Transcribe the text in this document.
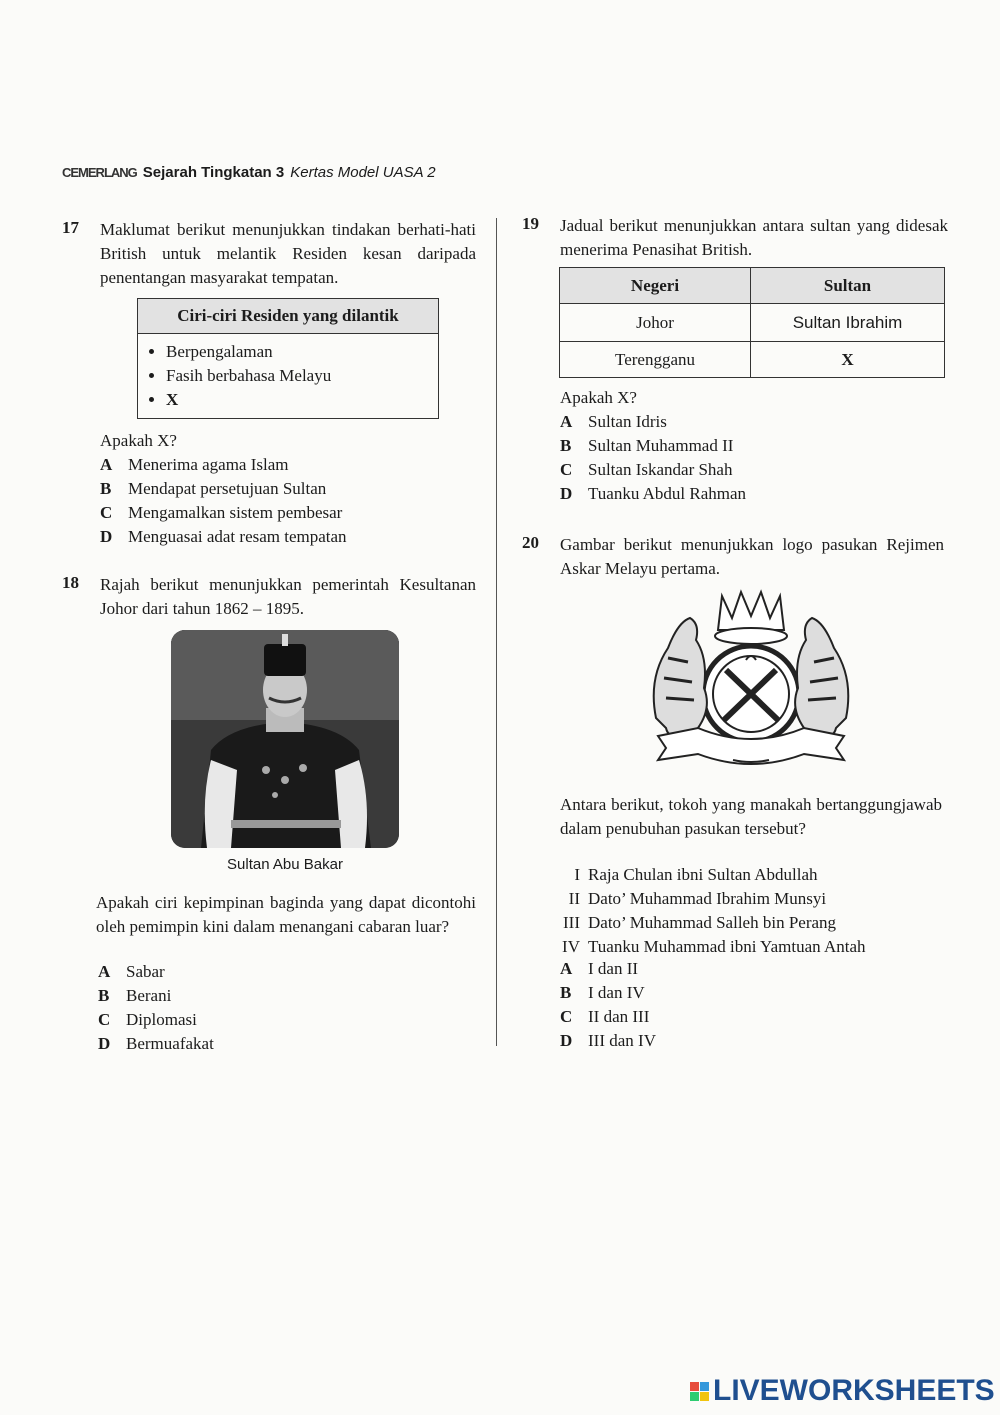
CEMERLANG Sejarah Tingkatan 3 Kertas Model UASA 2
17 Maklumat berikut menunjukkan tindakan berhati-hati British untuk melantik Residen kesan daripada penentangan masyarakat tempatan.
Ciri-ciri Residen yang dilantik
• Berpengalaman
• Fasih berbahasa Melayu
• X
Apakah X?
A Menerima agama Islam
B Mendapat persetujuan Sultan
C Mengamalkan sistem pembesar
D Menguasai adat resam tempatan
18 Rajah berikut menunjukkan pemerintah Kesultanan Johor dari tahun 1862 – 1895.
Sultan Abu Bakar
Apakah ciri kepimpinan baginda yang dapat dicontohi oleh pemimpin kini dalam menangani cabaran luar?
A Sabar
B Berani
C Diplomasi
D Bermuafakat
19 Jadual berikut menunjukkan antara sultan yang didesak menerima Penasihat British.
Negeri	Sultan
Johor	Sultan Ibrahim
Terengganu	X
Apakah X?
A Sultan Idris
B Sultan Muhammad II
C Sultan Iskandar Shah
D Tuanku Abdul Rahman
20 Gambar berikut menunjukkan logo pasukan Rejimen Askar Melayu pertama.
Antara berikut, tokoh yang manakah bertanggungjawab dalam penubuhan pasukan tersebut?
I Raja Chulan ibni Sultan Abdullah
II Dato’ Muhammad Ibrahim Munsyi
III Dato’ Muhammad Salleh bin Perang
IV Tuanku Muhammad ibni Yamtuan Antah
A I dan II
B I dan IV
C II dan III
D III dan IV
LIVEWORKSHEETS
